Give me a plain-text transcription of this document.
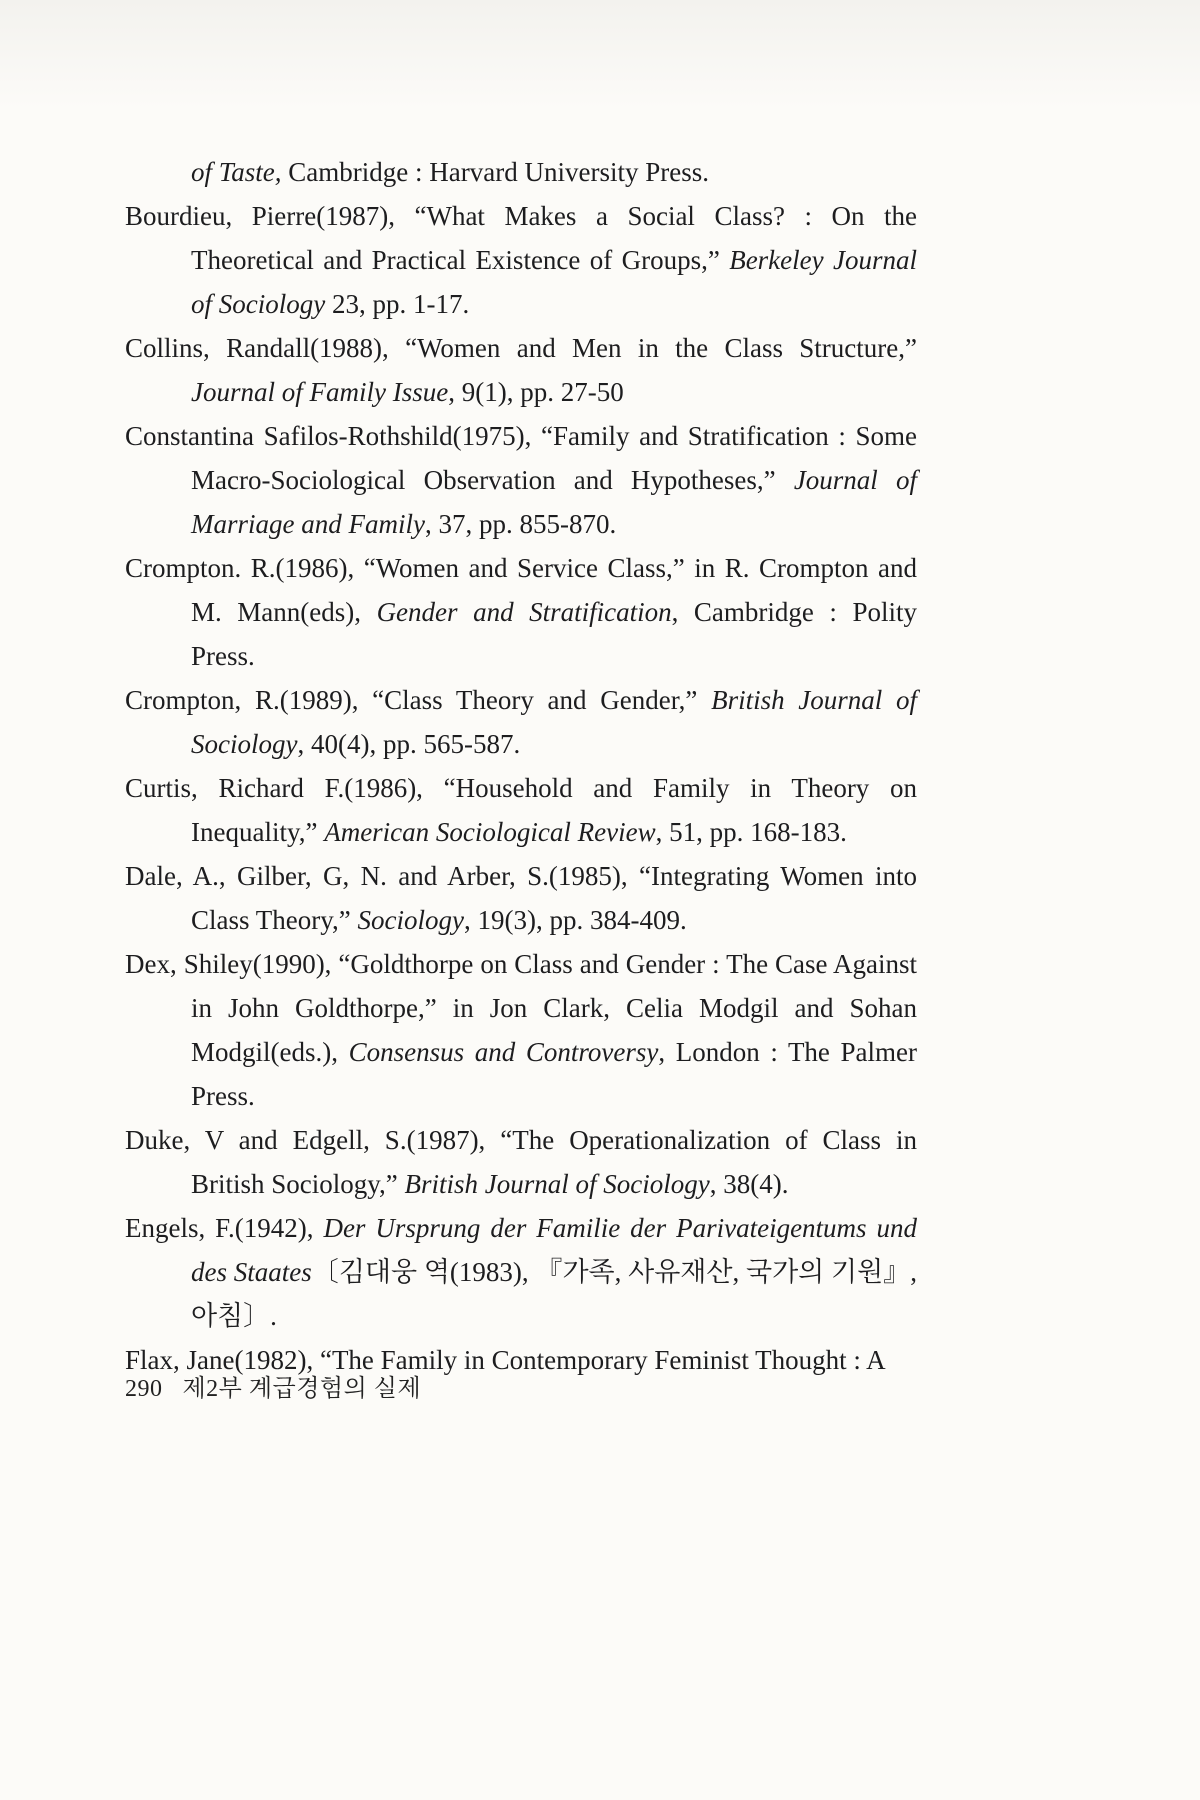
of Taste, Cambridge : Harvard University Press.

Bourdieu, Pierre(1987), “What Makes a Social Class? : On the Theoretical and Practical Existence of Groups,” Berkeley Journal of Sociology 23, pp. 1-17.

Collins, Randall(1988), “Women and Men in the Class Structure,” Journal of Family Issue, 9(1), pp. 27-50

Constantina Safilos-Rothshild(1975), “Family and Stratification : Some Macro-Sociological Observation and Hypotheses,” Journal of Marriage and Family, 37, pp. 855-870.

Crompton. R.(1986), “Women and Service Class,” in R. Crompton and M. Mann(eds), Gender and Stratification, Cambridge : Polity Press.

Crompton, R.(1989), “Class Theory and Gender,” British Journal of Sociology, 40(4), pp. 565-587.

Curtis, Richard F.(1986), “Household and Family in Theory on Inequality,” American Sociological Review, 51, pp. 168-183.

Dale, A., Gilber, G, N. and Arber, S.(1985), “Integrating Women into Class Theory,” Sociology, 19(3), pp. 384-409.

Dex, Shiley(1990), “Goldthorpe on Class and Gender : The Case Against in John Goldthorpe,” in Jon Clark, Celia Modgil and Sohan Modgil(eds.), Consensus and Controversy, London : The Palmer Press.

Duke, V and Edgell, S.(1987), “The Operationalization of Class in British Sociology,” British Journal of Sociology, 38(4).

Engels, F.(1942), Der Ursprung der Familie der Parivateigentums und des Staates〔김대웅 역(1983), 『가족, 사유재산, 국가의 기원』, 아침〕.

Flax, Jane(1982), “The Family in Contemporary Feminist Thought : A

290 제2부 계급경험의 실제
